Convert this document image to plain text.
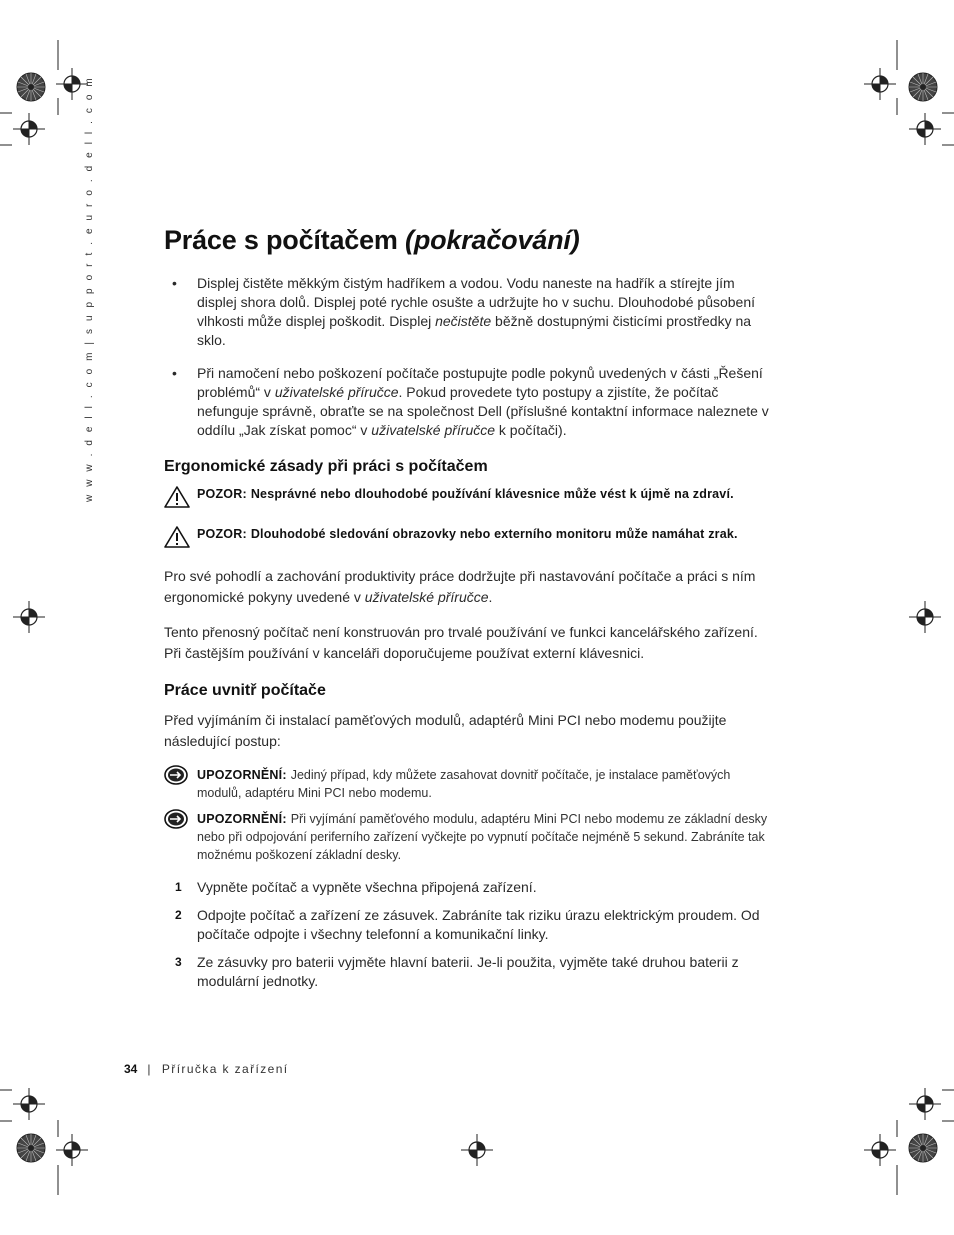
w w w . d e l l . c o m | s u p p o r t . e u r o . d e l l . c o m	Práce s počítačem (pokračování)
• Displej čistěte měkkým čistým hadříkem a vodou. Vodu naneste na hadřík a stírejte jím displej shora dolů. Displej poté rychle osušte a udržujte ho v suchu. Dlouhodobé působení vlhkosti může displej poškodit. Displej nečistěte běžně dostupnými čisticími prostředky na sklo.
• Při namočení nebo poškození počítače postupujte podle pokynů uvedených v části „Řešení problémů“ v uživatelské příručce. Pokud provedete tyto postupy a zjistíte, že počítač nefunguje správně, obraťte se na společnost Dell (příslušné kontaktní informace naleznete v oddílu „Jak získat pomoc“ v uživatelské příručce k počítači).
Ergonomické zásady při práci s počítačem
POZOR: Nesprávné nebo dlouhodobé používání klávesnice může vést k újmě na zdraví.
POZOR: Dlouhodobé sledování obrazovky nebo externího monitoru může namáhat zrak.

Pro své pohodlí a zachování produktivity práce dodržujte při nastavování počítače a práci s ním ergonomické pokyny uvedené v uživatelské příručce.

Tento přenosný počítač není konstruován pro trvalé používání ve funkci kancelářského zařízení. Při častějším používání v kanceláři doporučujeme používat externí klávesnici.

Práce uvnitř počítače

Před vyjímáním či instalací paměťových modulů, adaptérů Mini PCI nebo modemu použijte následující postup:

UPOZORNĚNÍ: Jediný případ, kdy můžete zasahovat dovnitř počítače, je instalace paměťových modulů, adaptéru Mini PCI nebo modemu.
UPOZORNĚNÍ: Při vyjímání paměťového modulu, adaptéru Mini PCI nebo modemu ze základní desky nebo při odpojování periferního zařízení vyčkejte po vypnutí počítače nejméně 5 sekund. Zabráníte tak možnému poškození základní desky.
1 Vypněte počítač a vypněte všechna připojená zařízení.
2 Odpojte počítač a zařízení ze zásuvek. Zabráníte tak riziku úrazu elektrickým proudem. Od počítače odpojte i všechny telefonní a komunikační linky.
3 Ze zásuvky pro baterii vyjměte hlavní baterii. Je-li použita, vyjměte také druhou baterii z modulární jednotky.
34 | Příručka k zařízení
